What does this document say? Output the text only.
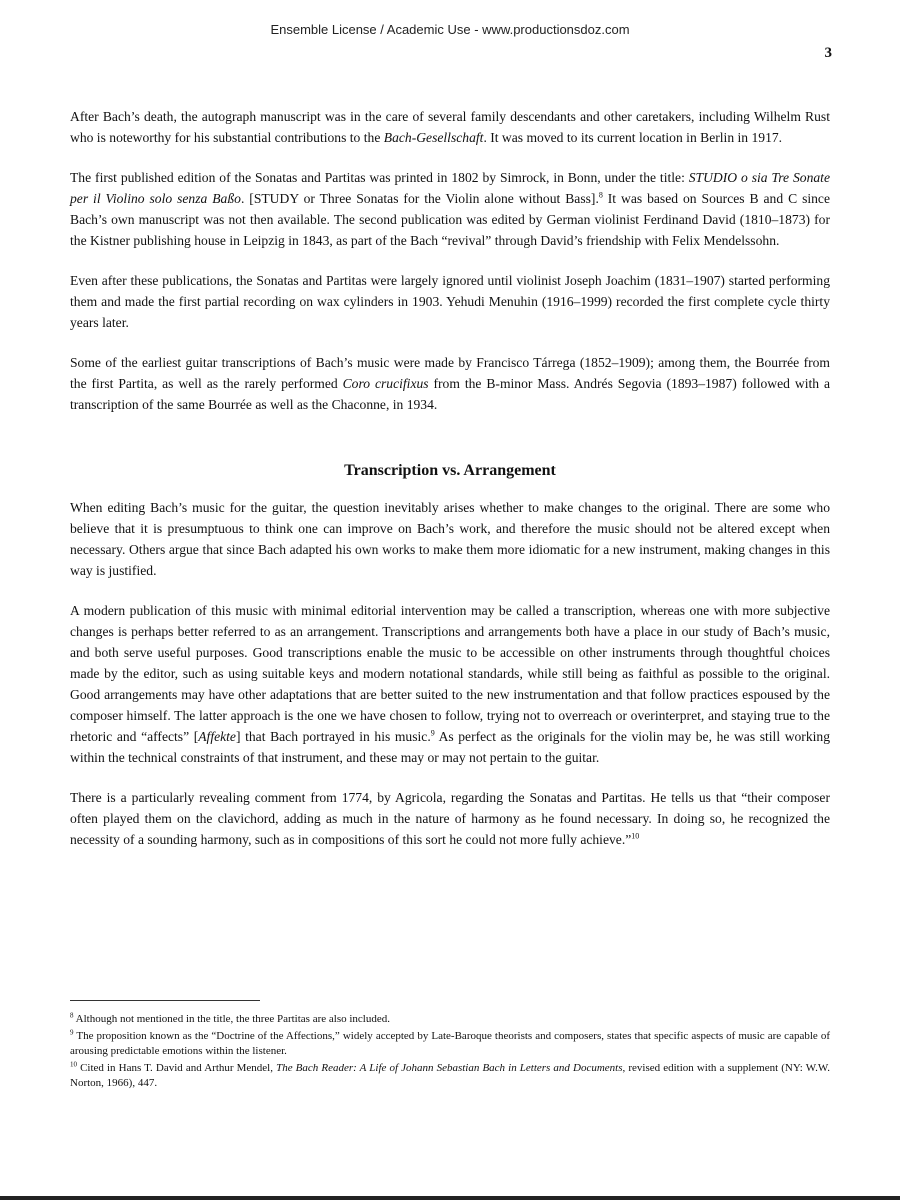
Ensemble License / Academic Use - www.productionsdoz.com
3

After Bach’s death, the autograph manuscript was in the care of several family descendants and other caretakers, including Wilhelm Rust who is noteworthy for his substantial contributions to the Bach-Gesellschaft. It was moved to its current location in Berlin in 1917.

The first published edition of the Sonatas and Partitas was printed in 1802 by Simrock, in Bonn, under the title: STUDIO o sia Tre Sonate per il Violino solo senza Baßo. [STUDY or Three Sonatas for the Violin alone without Bass].$^8$ It was based on Sources B and C since Bach’s own manuscript was not then available. The second publication was edited by German violinist Ferdinand David (1810–1873) for the Kistner publishing house in Leipzig in 1843, as part of the Bach “revival” through David’s friendship with Felix Mendelssohn.

Even after these publications, the Sonatas and Partitas were largely ignored until violinist Joseph Joachim (1831–1907) started performing them and made the first partial recording on wax cylinders in 1903. Yehudi Menuhin (1916–1999) recorded the first complete cycle thirty years later.

Some of the earliest guitar transcriptions of Bach’s music were made by Francisco Tárrega (1852–1909); among them, the Bourrée from the first Partita, as well as the rarely performed Coro crucifixus from the B-minor Mass. Andrés Segovia (1893–1987) followed with a transcription of the same Bourrée as well as the Chaconne, in 1934.

Transcription vs. Arrangement

When editing Bach’s music for the guitar, the question inevitably arises whether to make changes to the original. There are some who believe that it is presumptuous to think one can improve on Bach’s work, and therefore the music should not be altered except when necessary. Others argue that since Bach adapted his own works to make them more idiomatic for a new instrument, making changes in this way is justified.

A modern publication of this music with minimal editorial intervention may be called a transcription, whereas one with more subjective changes is perhaps better referred to as an arrangement. Transcriptions and arrangements both have a place in our study of Bach’s music, and both serve useful purposes. Good transcriptions enable the music to be accessible on other instruments through thoughtful choices made by the editor, such as using suitable keys and modern notational standards, while still being as faithful as possible to the original. Good arrangements may have other adaptations that are better suited to the new instrumentation and that follow practices espoused by the composer himself. The latter approach is the one we have chosen to follow, trying not to overreach or overinterpret, and staying true to the rhetoric and “affects” [Affekte] that Bach portrayed in his music.$^9$ As perfect as the originals for the violin may be, he was still working within the technical constraints of that instrument, and these may or may not pertain to the guitar.

There is a particularly revealing comment from 1774, by Agricola, regarding the Sonatas and Partitas. He tells us that “their composer often played them on the clavichord, adding as much in the nature of harmony as he found necessary. In doing so, he recognized the necessity of a sounding harmony, such as in compositions of this sort he could not more fully achieve.”$^{10}$

$^8$ Although not mentioned in the title, the three Partitas are also included.
$^9$ The proposition known as the “Doctrine of the Affections,” widely accepted by Late-Baroque theorists and composers, states that specific aspects of music are capable of arousing predictable emotions within the listener.
$^{10}$ Cited in Hans T. David and Arthur Mendel, The Bach Reader: A Life of Johann Sebastian Bach in Letters and Documents, revised edition with a supplement (NY: W.W. Norton, 1966), 447.
